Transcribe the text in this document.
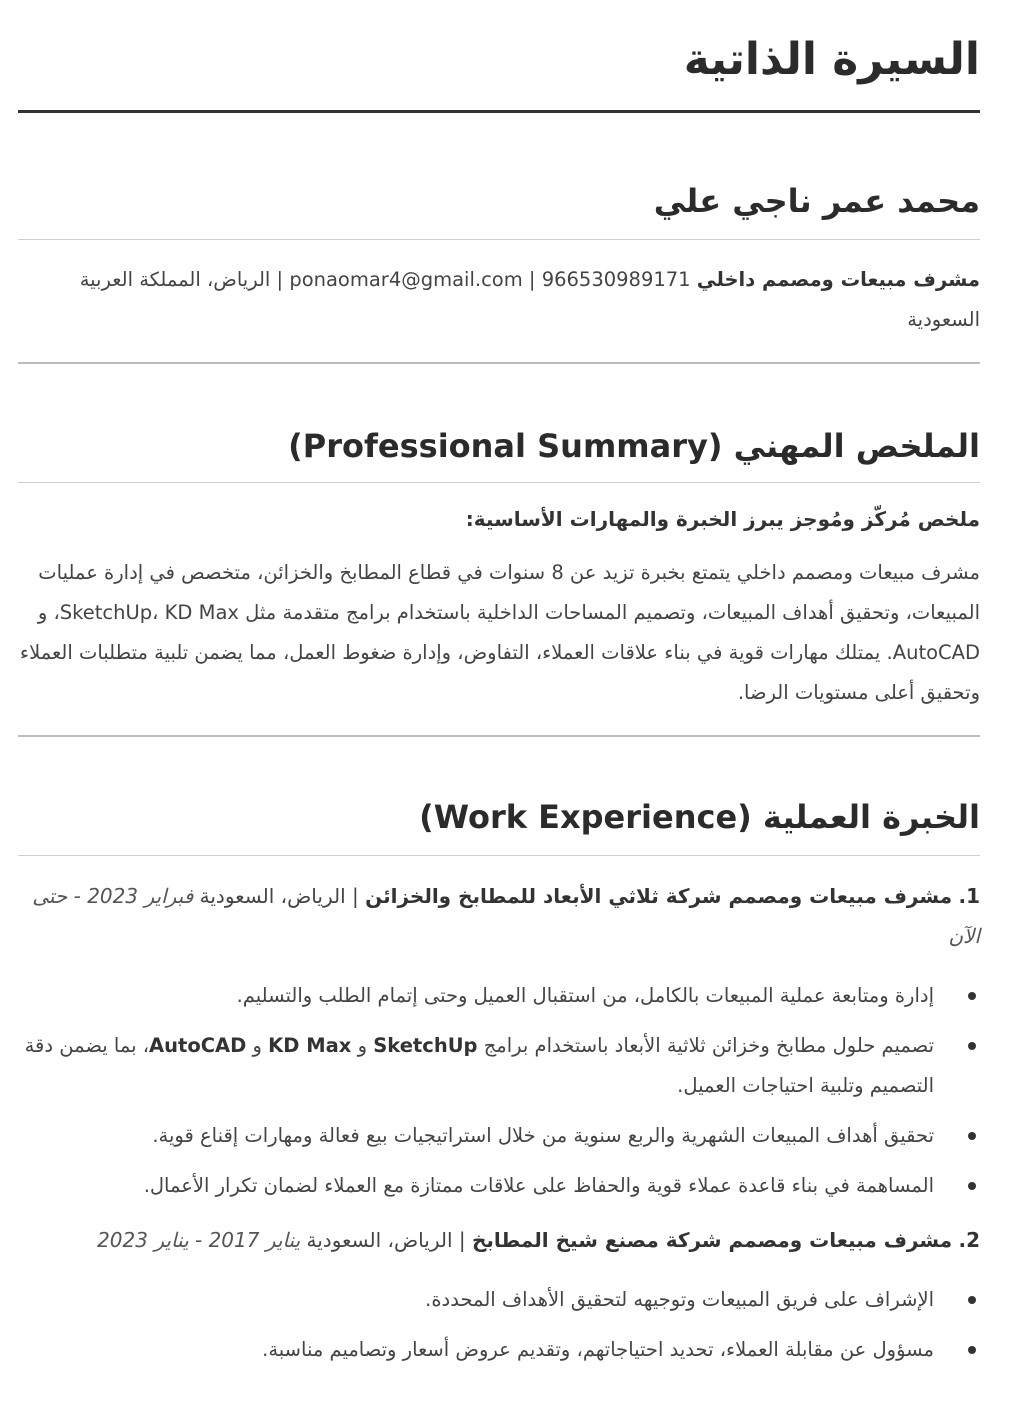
السيرة الذاتية
محمد عمر ناجي علي

مشرف مبيعات ومصمم داخلي 966530989171 | ponaomar4@gmail.com | الرياض، المملكة العربية السعودية

الملخص المهني (Professional Summary)

ملخص مُركّز ومُوجز يبرز الخبرة والمهارات الأساسية:

مشرف مبيعات ومصمم داخلي يتمتع بخبرة تزيد عن 8 سنوات في قطاع المطابخ والخزائن، متخصص في إدارة عمليات المبيعات، وتحقيق أهداف المبيعات، وتصميم المساحات الداخلية باستخدام برامج متقدمة مثل SketchUp، KD Max، و AutoCAD. يمتلك مهارات قوية في بناء علاقات العملاء، التفاوض، وإدارة ضغوط العمل، مما يضمن تلبية متطلبات العملاء وتحقيق أعلى مستويات الرضا.

الخبرة العملية (Work Experience)

1. مشرف مبيعات ومصمم شركة ثلاثي الأبعاد للمطابخ والخزائن | الرياض، السعودية فبراير 2023 - حتى الآن

إدارة ومتابعة عملية المبيعات بالكامل، من استقبال العميل وحتى إتمام الطلب والتسليم.
تصميم حلول مطابخ وخزائن ثلاثية الأبعاد باستخدام برامج SketchUp و KD Max و AutoCAD، بما يضمن دقة التصميم وتلبية احتياجات العميل.
تحقيق أهداف المبيعات الشهرية والربع سنوية من خلال استراتيجيات بيع فعالة ومهارات إقناع قوية.
المساهمة في بناء قاعدة عملاء قوية والحفاظ على علاقات ممتازة مع العملاء لضمان تكرار الأعمال.

2. مشرف مبيعات ومصمم شركة مصنع شيخ المطابخ | الرياض، السعودية يناير 2017 - يناير 2023

الإشراف على فريق المبيعات وتوجيهه لتحقيق الأهداف المحددة.
مسؤول عن مقابلة العملاء، تحديد احتياجاتهم، وتقديم عروض أسعار وتصاميم مناسبة.
